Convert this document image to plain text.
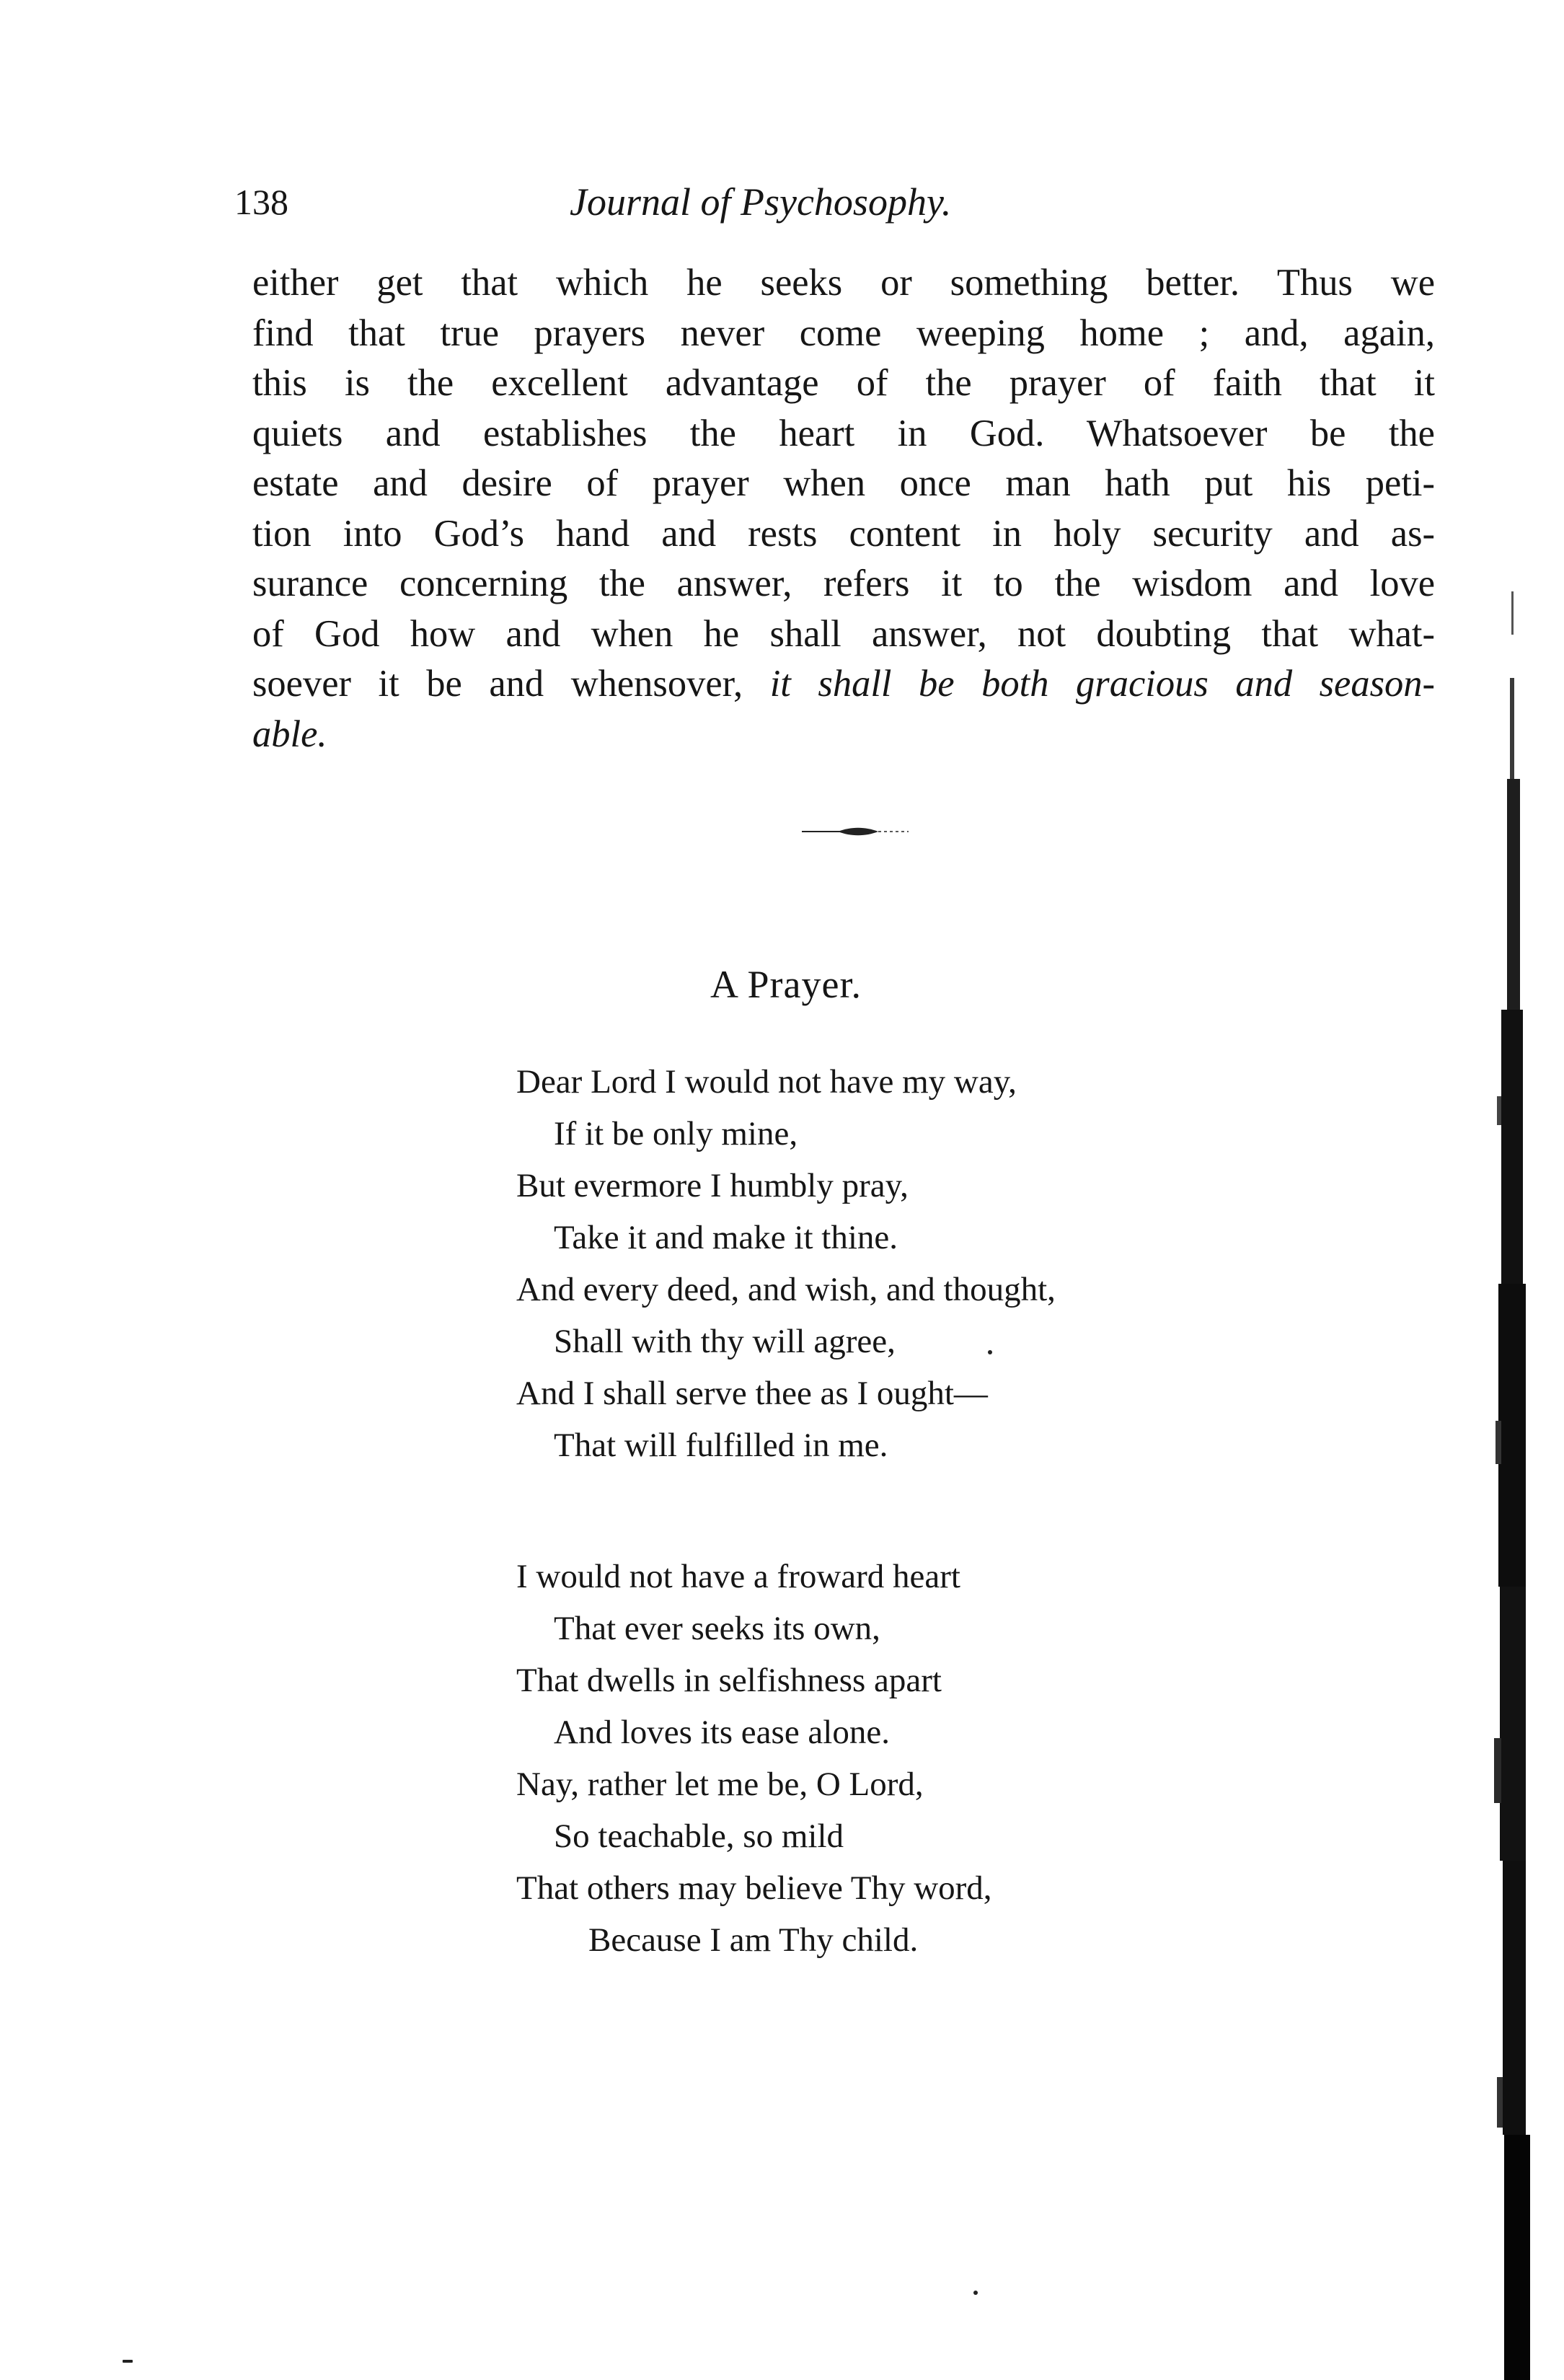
138	Journal of Psychosophy.
either get that which he seeks or something better. Thus we
find that true prayers never come weeping home ; and, again,
this is the excellent advantage of the prayer of faith that it
quiets and establishes the heart in God. Whatsoever be the
estate and desire of prayer when once man hath put his peti-
tion into God’s hand and rests content in holy security and as-
surance concerning the answer, refers it to the wisdom and love
of God how and when he shall answer, not doubting that what-
soever it be and whensover, it shall be both gracious and season-
able.
A Prayer.
Dear Lord I would not have my way,
If it be only mine,
But evermore I humbly pray,
Take it and make it thine.
And every deed, and wish, and thought,
Shall with thy will agree,
And I shall serve thee as I ought—
That will fulfilled in me.
I would not have a froward heart
That ever seeks its own,
That dwells in selfishness apart
And loves its ease alone.
Nay, rather let me be, O Lord,
So teachable, so mild
That others may believe Thy word,
Because I am Thy child.
